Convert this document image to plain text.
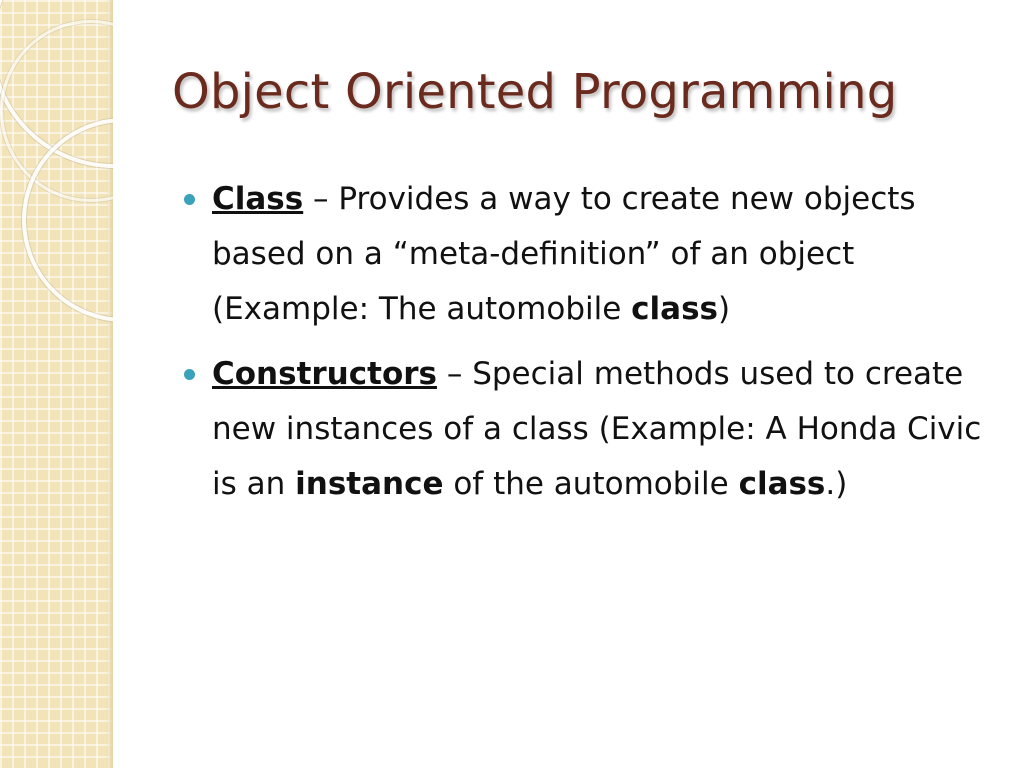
Object Oriented Programming
Class – Provides a way to create new objects based on a “meta-definition” of an object (Example: The automobile class)
Constructors – Special methods used to create new instances of a class (Example: A Honda Civic is an instance of the automobile class.)
